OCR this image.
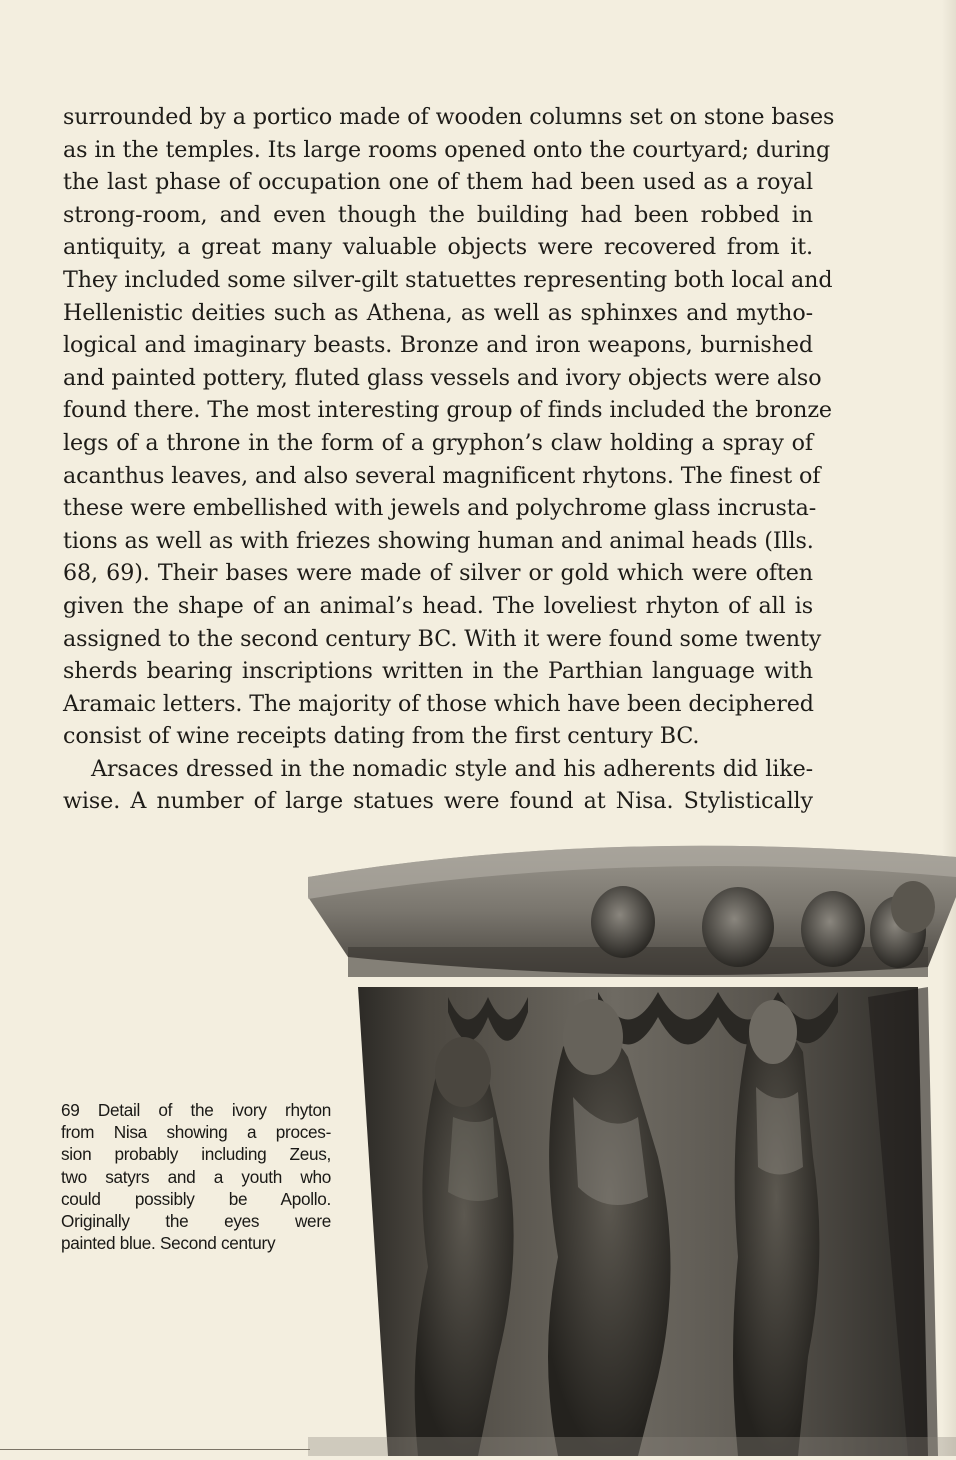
surrounded by a portico made of wooden columns set on stone bases
as in the temples. Its large rooms opened onto the courtyard; during
the last phase of occupation one of them had been used as a royal
strong-room, and even though the building had been robbed in
antiquity, a great many valuable objects were recovered from it.
They included some silver-gilt statuettes representing both local and
Hellenistic deities such as Athena, as well as sphinxes and mytho-
logical and imaginary beasts. Bronze and iron weapons, burnished
and painted pottery, fluted glass vessels and ivory objects were also
found there. The most interesting group of finds included the bronze
legs of a throne in the form of a gryphon’s claw holding a spray of
acanthus leaves, and also several magnificent rhytons. The finest of
these were embellished with jewels and polychrome glass incrusta-
tions as well as with friezes showing human and animal heads (Ills.
68, 69). Their bases were made of silver or gold which were often
given the shape of an animal’s head. The loveliest rhyton of all is
assigned to the second century BC. With it were found some twenty
sherds bearing inscriptions written in the Parthian language with
Aramaic letters. The majority of those which have been deciphered
consist of wine receipts dating from the first century BC.
Arsaces dressed in the nomadic style and his adherents did like-
wise. A number of large statues were found at Nisa. Stylistically
69 Detail of the ivory rhyton
from Nisa showing a proces-
sion probably including Zeus,
two satyrs and a youth who
could possibly be Apollo.
Originally the eyes were
painted blue. Second century
